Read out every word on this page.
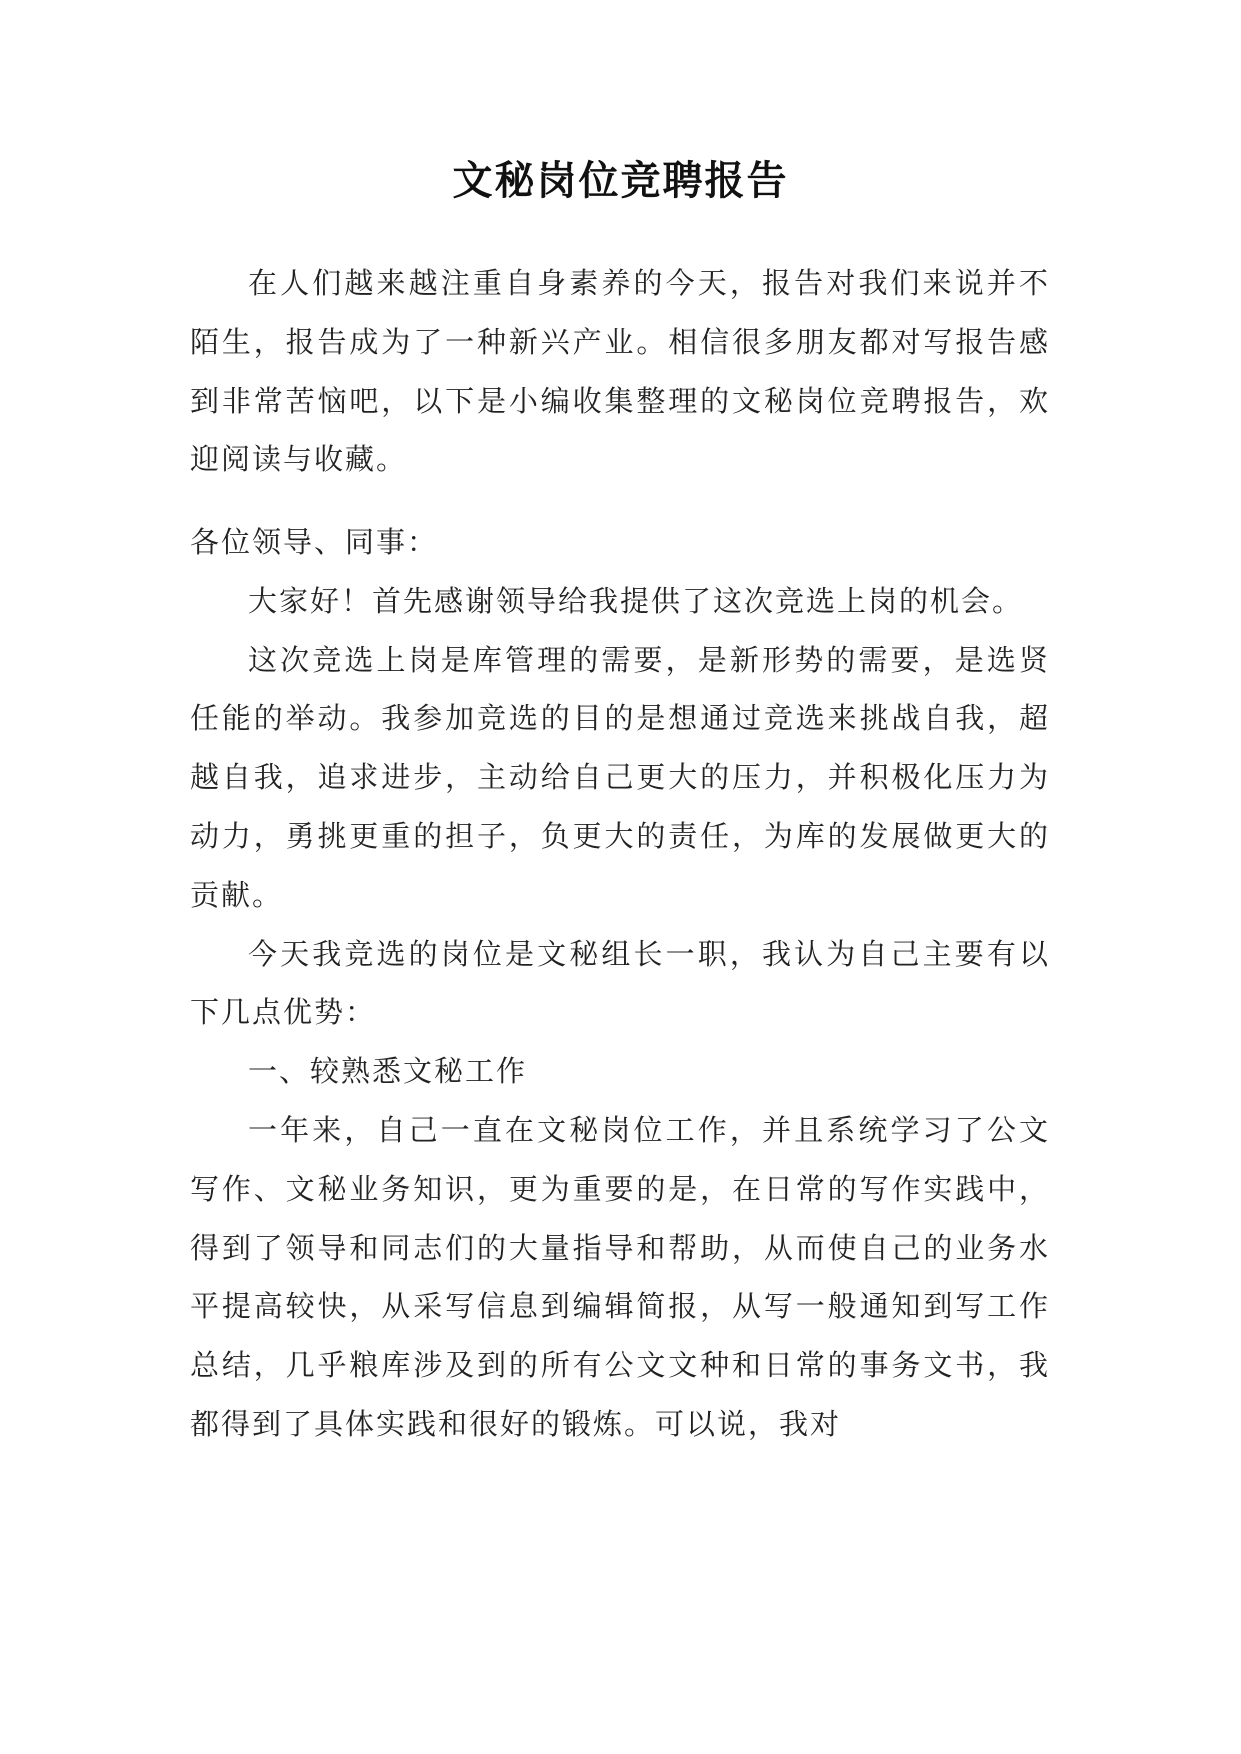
文秘岗位竞聘报告

在人们越来越注重自身素养的今天，报告对我们来说并不陌生，报告成为了一种新兴产业。相信很多朋友都对写报告感到非常苦恼吧，以下是小编收集整理的文秘岗位竞聘报告，欢迎阅读与收藏。

各位领导、同事：

大家好！首先感谢领导给我提供了这次竞选上岗的机会。

这次竞选上岗是库管理的需要，是新形势的需要，是选贤任能的举动。我参加竞选的目的是想通过竞选来挑战自我，超越自我，追求进步，主动给自己更大的压力，并积极化压力为动力，勇挑更重的担子，负更大的责任，为库的发展做更大的贡献。

今天我竞选的岗位是文秘组长一职，我认为自己主要有以下几点优势：

一、较熟悉文秘工作

一年来，自己一直在文秘岗位工作，并且系统学习了公文写作、文秘业务知识，更为重要的是，在日常的写作实践中，得到了领导和同志们的大量指导和帮助，从而使自己的业务水平提高较快，从采写信息到编辑简报，从写一般通知到写工作总结，几乎粮库涉及到的所有公文文种和日常的事务文书，我都得到了具体实践和很好的锻炼。可以说，我对
